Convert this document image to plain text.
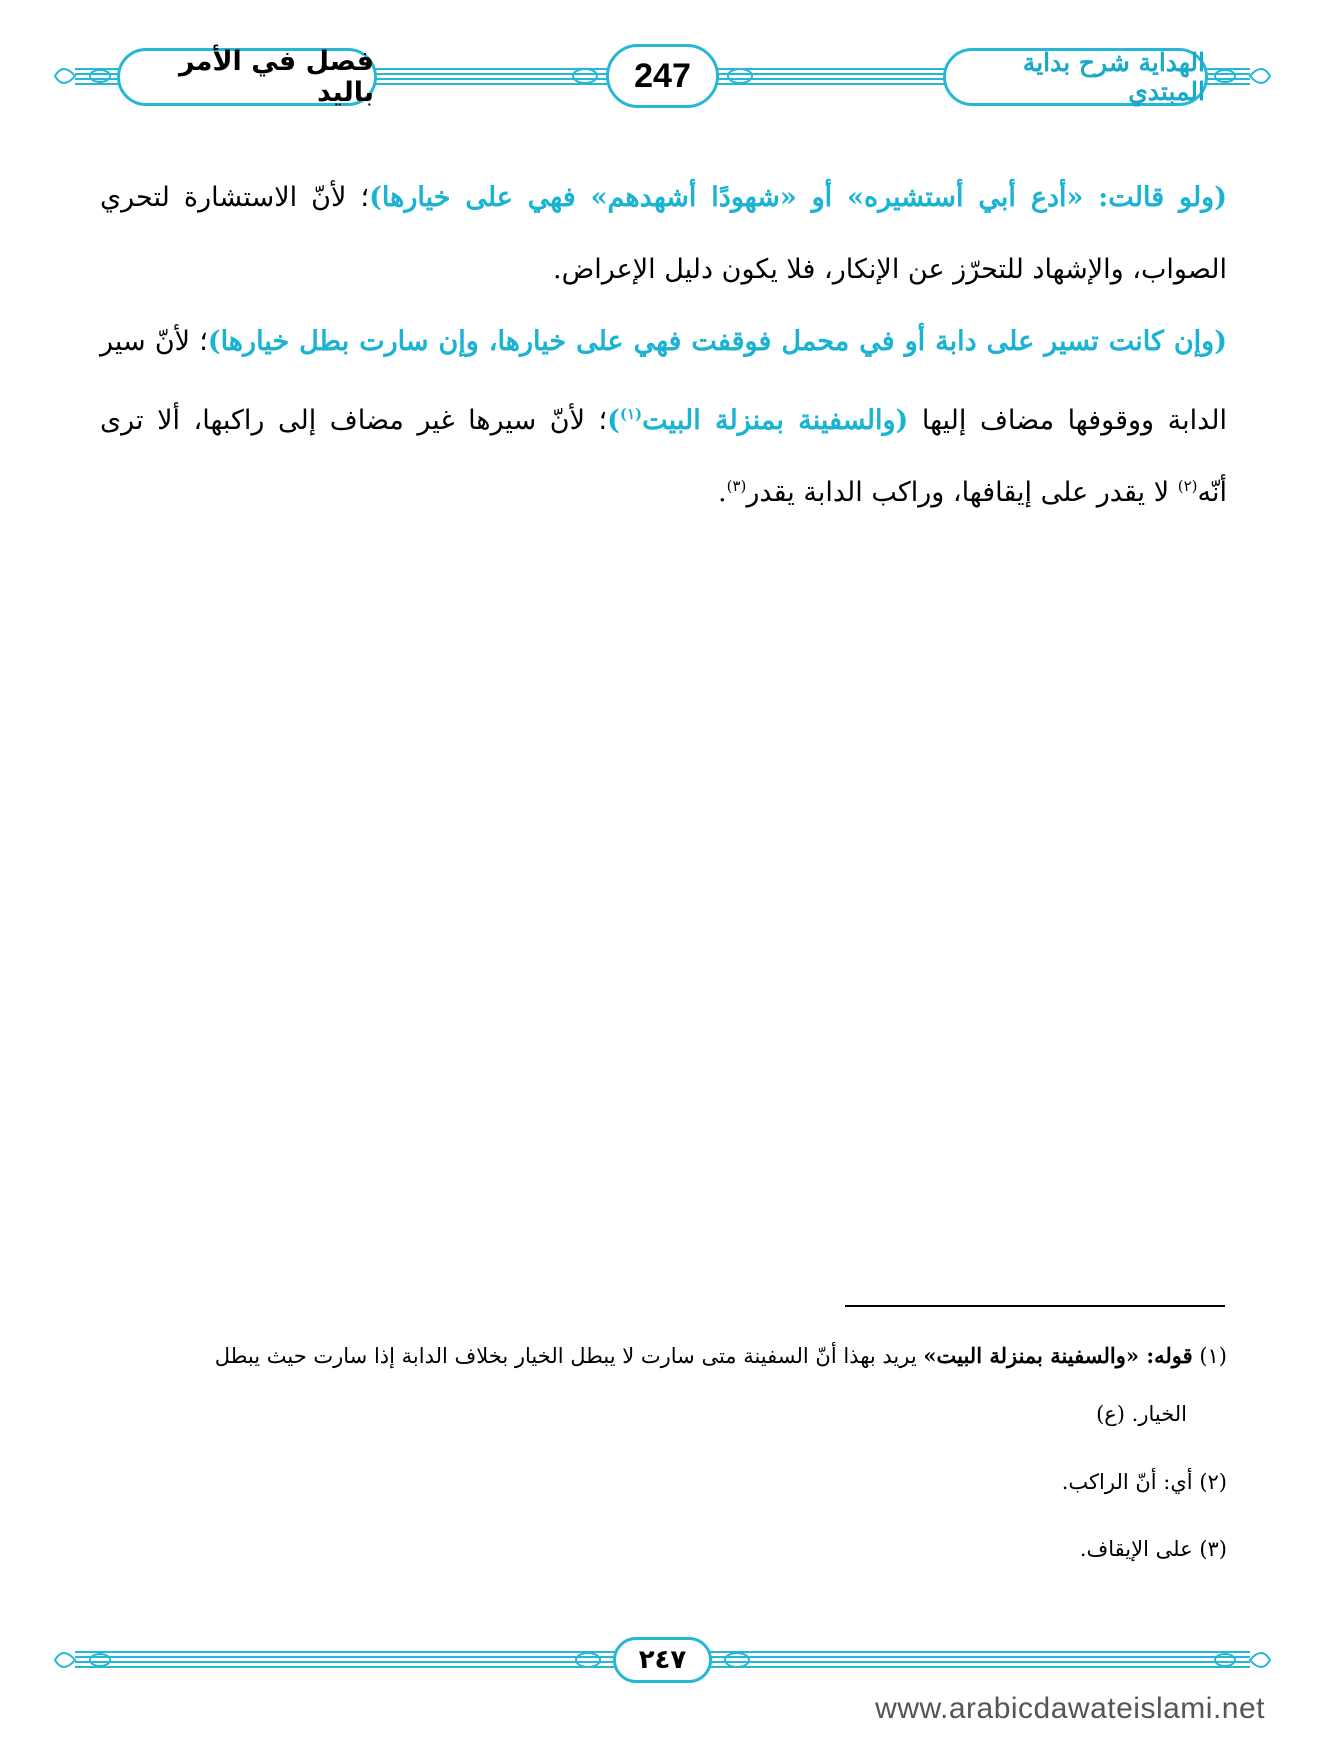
فصل في الأمر باليد	247	الهداية شرح بداية المبتدي
(ولو قالت: «أدع أبي أستشيره» أو «شهودًا أشهدهم» فهي على خيارها)؛ لأنّ الاستشارة لتحري
الصواب، والإشهاد للتحرّز عن الإنكار، فلا يكون دليل الإعراض.
(وإن كانت تسير على دابة أو في محمل فوقفت فهي على خيارها، وإن سارت بطل خيارها)؛ لأنّ سير
الدابة ووقوفها مضاف إليها (والسفينة بمنزلة البيت$^{(١)}$)؛ لأنّ سيرها غير مضاف إلى راكبها، ألا ترى
أنّه$^{(٢)}$ لا يقدر على إيقافها، وراكب الدابة يقدر$^{(٣)}$.
(١) قوله: «والسفينة بمنزلة البيت» يريد بهذا أنّ السفينة متى سارت لا يبطل الخيار بخلاف الدابة إذا سارت حيث يبطل
الخيار. (ع)
(٢) أي: أنّ الراكب.
(٣) على الإيقاف.
٢٤٧
www.arabicdawateislami.net
